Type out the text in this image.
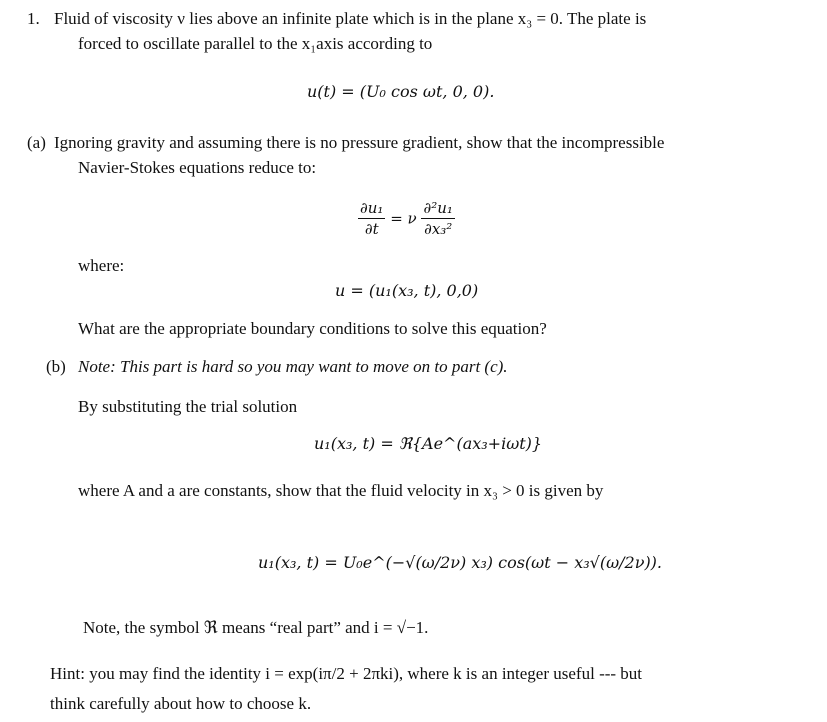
1. Fluid of viscosity ν lies above an infinite plate which is in the plane x₃ = 0. The plate is
forced to oscillate parallel to the x₁axis according to
u(t) = (U₀ cos ωt, 0, 0).
(a) Ignoring gravity and assuming there is no pressure gradient, show that the incompressible
Navier-Stokes equations reduce to:
$\frac{\text{∂u₁}}{\partial t} = \nu \frac{\text{∂²u₁}}{\text{∂x₃²}}$
where:
u = (u₁(x₃, t), 0,0)
What are the appropriate boundary conditions to solve this equation?
(b) Note: This part is hard so you may want to move on to part (c).
By substituting the trial solution
u₁(x₃, t) = ℜ{Ae^(ax₃+iωt)}
where A and a are constants, show that the fluid velocity in x₃ > 0 is given by
u₁(x₃, t) = U₀e^(−√(ω/2ν) x₃) cos(ωt − x₃√(ω/2ν)).
Note, the symbol ℜ means “real part” and i = √−1.
Hint: you may find the identity i = exp(iπ/2 + 2πki), where k is an integer useful --- but
think carefully about how to choose k.
